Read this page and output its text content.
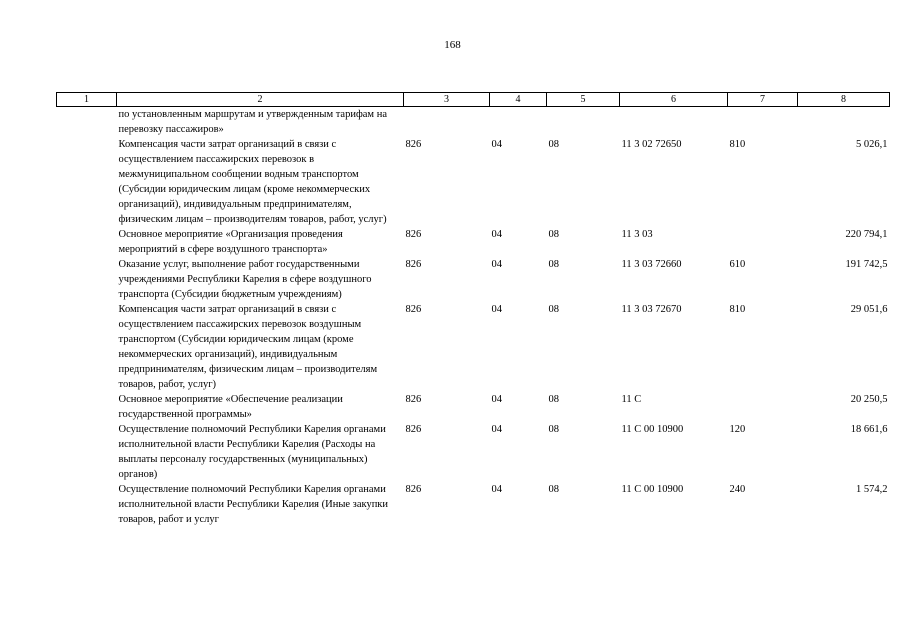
168
1	2	3	4	5	6	7	8
	по установленным маршрутам и утвержденным тарифам на перевозку пассажиров»						
	Компенсация части затрат организаций в связи с осуществлением пассажирских перевозок в межмуниципальном сообщении водным транспортом (Субсидии юридическим лицам (кроме некоммерческих организаций), индивидуальным предпринимателям, физическим лицам – производителям товаров, работ, услуг)	826	04	08	11 3 02 72650	810	5 026,1
	Основное мероприятие «Организация проведения мероприятий в сфере воздушного транспорта»	826	04	08	11 3 03		220 794,1
	Оказание услуг, выполнение работ государственными учреждениями Республики Карелия в сфере воздушного транспорта (Субсидии бюджетным учреждениям)	826	04	08	11 3 03 72660	610	191 742,5
	Компенсация части затрат организаций в связи с осуществлением пассажирских перевозок воздушным транспортом (Субсидии юридическим лицам (кроме некоммерческих организаций), индивидуальным предпринимателям, физическим лицам – производителям товаров, работ, услуг)	826	04	08	11 3 03 72670	810	29 051,6
	Основное мероприятие «Обеспечение реализации государственной программы»	826	04	08	11 С		20 250,5
	Осуществление полномочий Республики Карелия органами исполнительной власти Республики Карелия (Расходы на выплаты персоналу государственных (муниципальных) органов)	826	04	08	11 С 00 10900	120	18 661,6
	Осуществление полномочий Республики Карелия органами исполнительной власти Республики Карелия (Иные закупки товаров, работ и услуг	826	04	08	11 С 00 10900	240	1 574,2
